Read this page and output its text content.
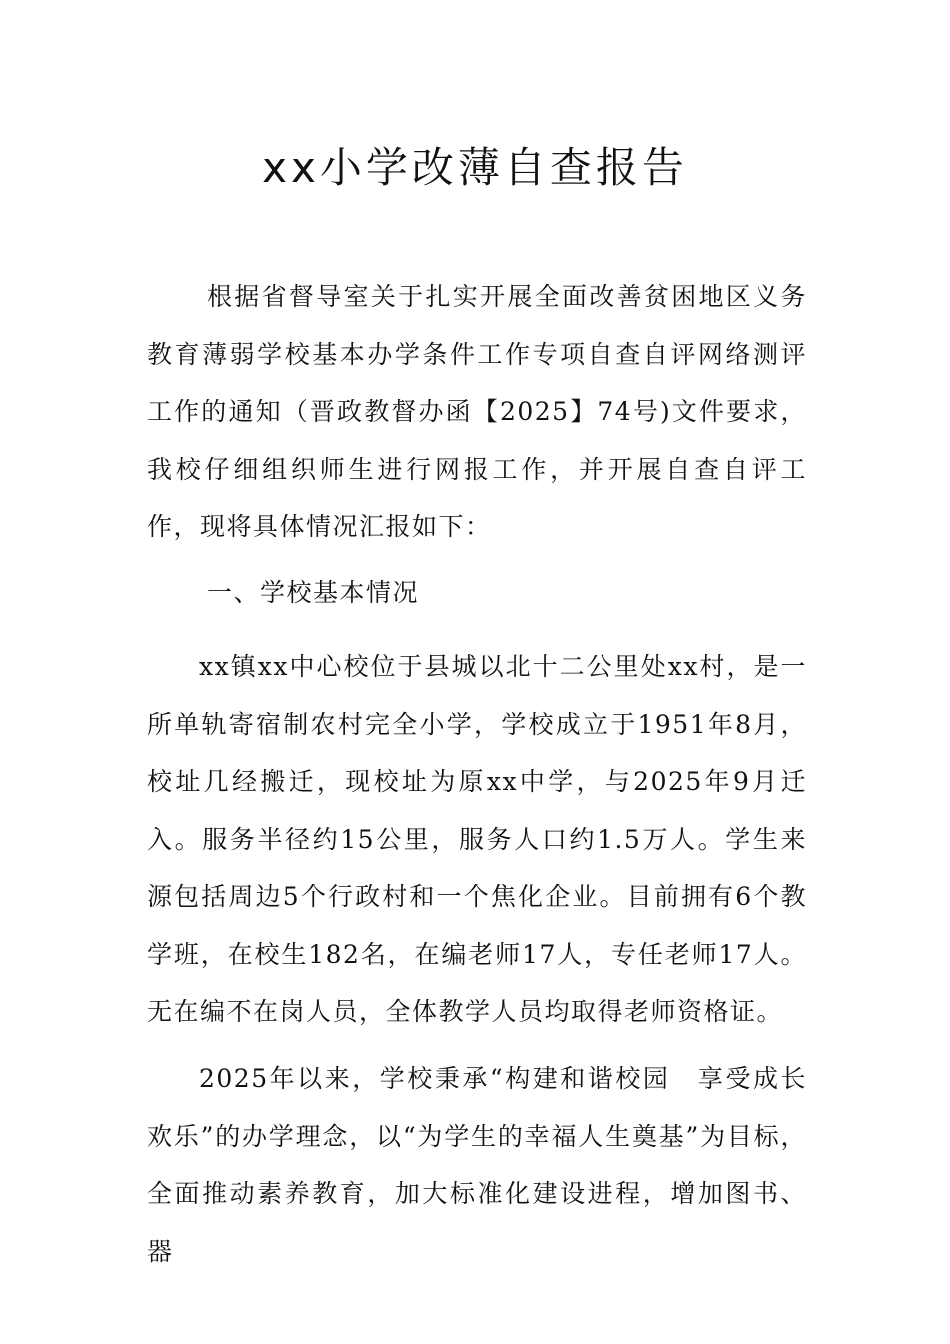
xx小学改薄自查报告

根据省督导室关于扎实开展全面改善贫困地区义务教育薄弱学校基本办学条件工作专项自查自评网络测评工作的通知（晋政教督办函【2025】74号)文件要求，我校仔细组织师生进行网报工作，并开展自查自评工作，现将具体情况汇报如下：

一、学校基本情况

xx镇xx中心校位于县城以北十二公里处xx村，是一所单轨寄宿制农村完全小学，学校成立于1951年8月，校址几经搬迁，现校址为原xx中学，与2025年9月迁入。服务半径约15公里，服务人口约1.5万人。学生来源包括周边5个行政村和一个焦化企业。目前拥有6个教学班，在校生182名，在编老师17人，专任老师17人。无在编不在岗人员，全体教学人员均取得老师资格证。

2025年以来，学校秉承“构建和谐校园　享受成长欢乐”的办学理念，以“为学生的幸福人生奠基”为目标，全面推动素养教育，加大标准化建设进程，增加图书、器
